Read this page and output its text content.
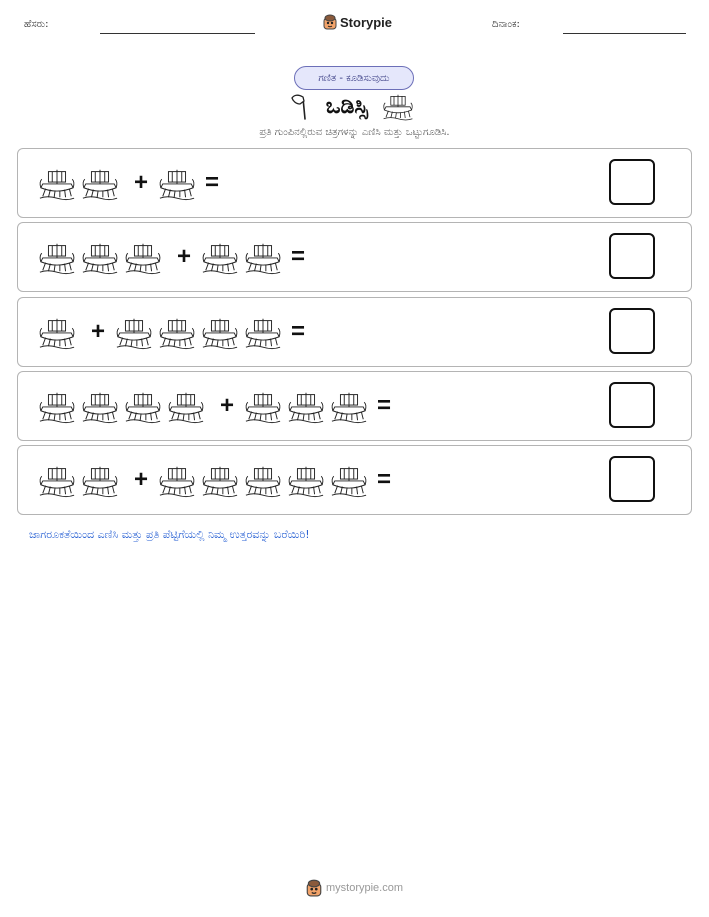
ಹೆಸರು:	Storypie	ದಿನಾಂಕ:
ಗಣಿತ - ಕೂಡಿಸುವುದು
ಒಡಿಸ್ಸಿ
ಪ್ರತಿ ಗುಂಪಿನಲ್ಲಿರುವ ಚಿತ್ರಗಳನ್ನು ಎಣಿಸಿ ಮತ್ತು ಒಟ್ಟುಗೂಡಿಸಿ.
+ =
+	=
+	=
+	=
+	=
ಜಾಗರೂಕತೆಯಿಂದ ಎಣಿಸಿ ಮತ್ತು ಪ್ರತಿ ಪೆಟ್ಟಿಗೆಯಲ್ಲಿ ನಿಮ್ಮ ಉತ್ತರವನ್ನು ಬರೆಯಿರಿ!
mystorypie.com
